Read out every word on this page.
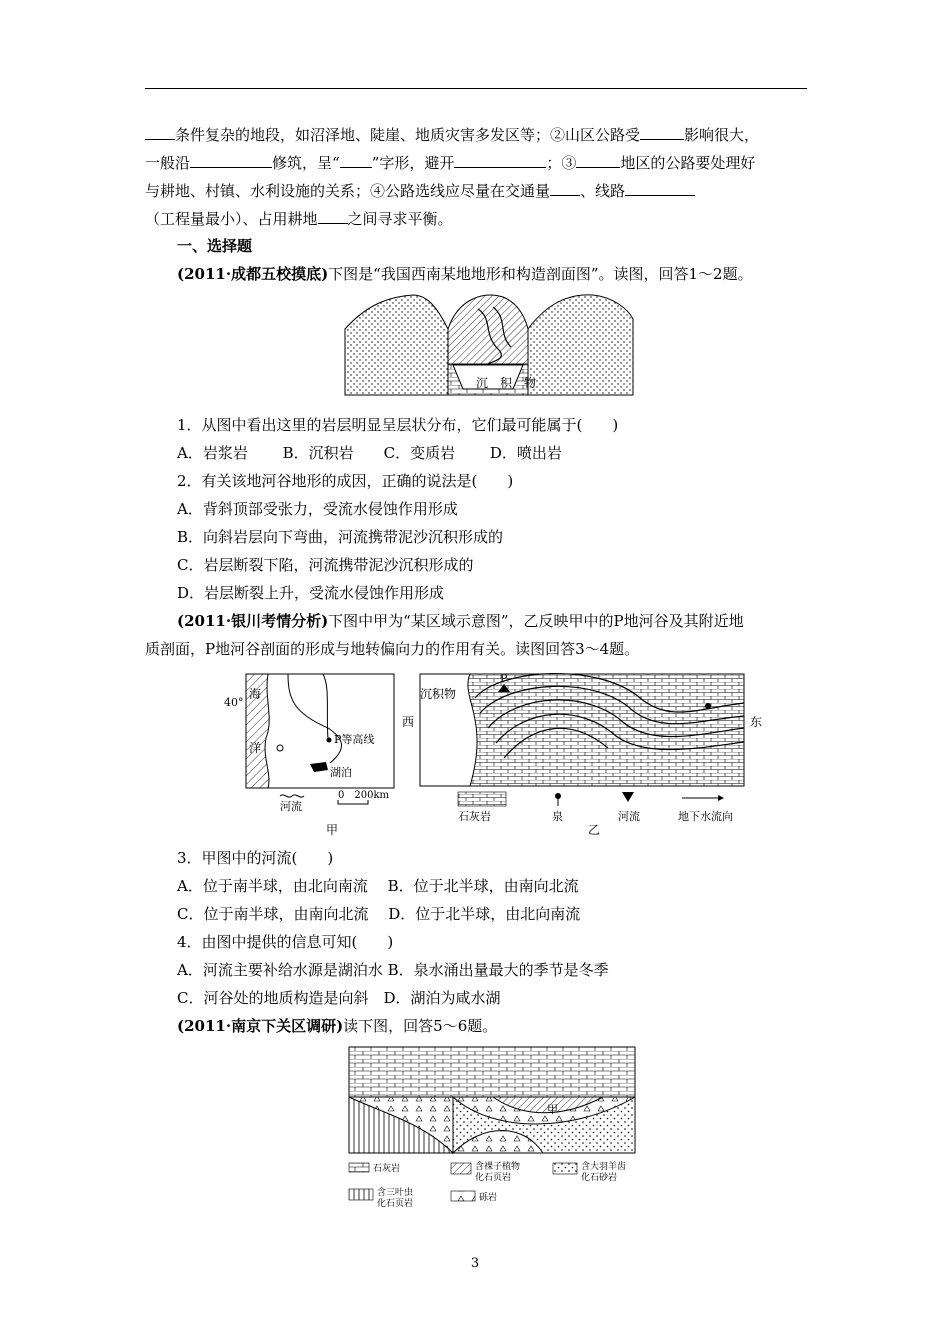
条件复杂的地段，如沼泽地、陡崖、地质灾害多发区等；②山区公路受	影响很大，
一般沿	修筑，呈“ ”字形，避开	；③	地区的公路要处理好
与耕地、村镇、水利设施的关系；④公路选线应尽量在交通量 、线路
（工程量最小）、占用耕地 之间寻求平衡。
一、选择题
(2011·成都五校摸底)下图是“我国西南某地地形和构造剖面图”。读图，回答1～2题。
沉　积　物
1．从图中看出这里的岩层明显呈层状分布，它们最可能属于(　　)
A．岩浆岩　　 B．沉积岩　　C．变质岩　　 D．喷出岩
2．有关该地河谷地形的成因，正确的说法是(　　)
A．背斜顶部受张力，受流水侵蚀作用形成
B．向斜岩层向下弯曲，河流携带泥沙沉积形成的
C．岩层断裂下陷，河流携带泥沙沉积形成的
D．岩层断裂上升，受流水侵蚀作用形成
(2011·银川考情分析)下图中甲为“某区域示意图”，乙反映甲中的P地河谷及其附近地
质剖面，P地河谷剖面的形成与地转偏向力的作用有关。读图回答3～4题。
40°
海
洋
P等高线
湖泊
河流
0　200km
甲
沉积物
P
西	东
石灰岩	泉	河流	地下水流向
乙
3．甲图中的河流(　　)
A．位于南半球，由北向南流　 B．位于北半球，由南向北流
C．位于南半球，由南向北流　 D．位于北半球，由北向南流
4．由图中提供的信息可知(　　)
A．河流主要补给水源是湖泊水 B．泉水涌出量最大的季节是冬季
C．河谷处的地质构造是向斜　D．湖泊为咸水湖
(2011·南京下关区调研)读下图，回答5～6题。
甲
石灰岩	含裸子植物
化石页岩
含大羽羊齿
化石砂岩
含三叶虫
化石页岩
砾岩
3
